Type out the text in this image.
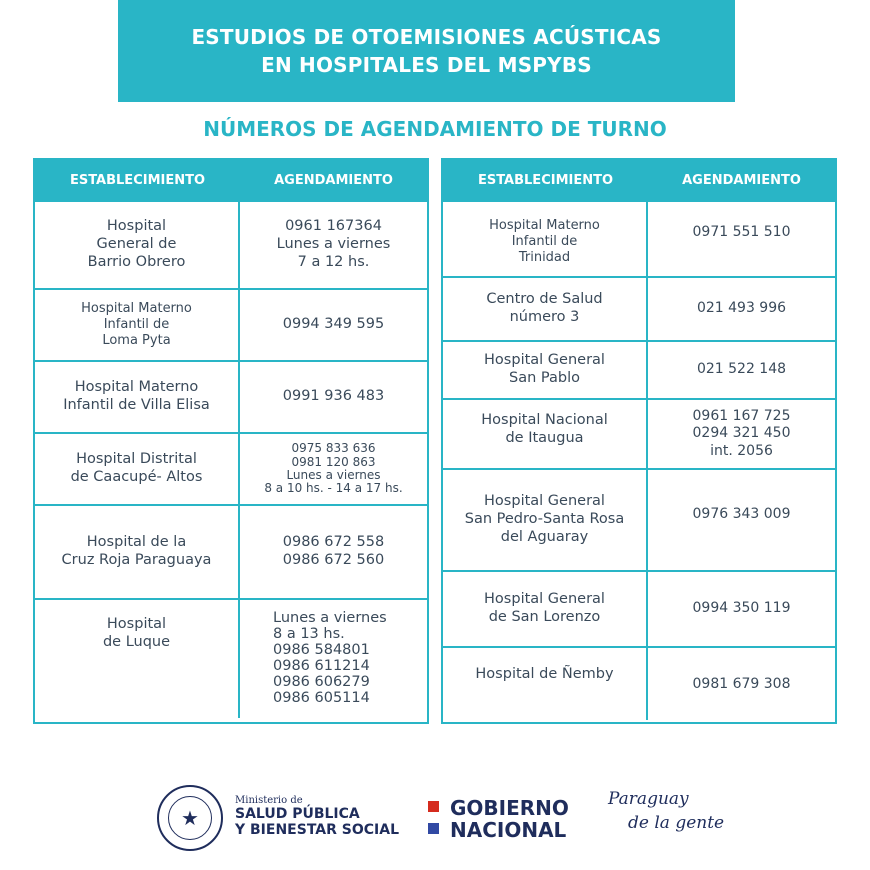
ESTUDIOS DE OTOEMISIONES ACÚSTICAS
EN HOSPITALES DEL MSPYBS
NÚMEROS DE AGENDAMIENTO DE TURNO
ESTABLECIMIENTO	AGENDAMIENTO
Hospital
General de
Barrio Obrero
0961 167364
Lunes a viernes
7 a 12 hs.
Hospital Materno
Infantil de
Loma Pyta
0994 349 595
Hospital Materno
Infantil de Villa Elisa
0991 936 483
Hospital Distrital
de Caacupé- Altos
0975 833 636
0981 120 863
Lunes a viernes
8 a 10 hs. - 14 a 17 hs.
Hospital de la
Cruz Roja Paraguaya
0986 672 558
0986 672 560
Hospital
de Luque
Lunes a viernes
8 a 13 hs.
0986 584801
0986 611214
0986 606279
0986 605114
ESTABLECIMIENTO	AGENDAMIENTO
Hospital Materno
Infantil de
Trinidad
0971 551 510
Centro de Salud
número 3
021 493 996
Hospital General
San Pablo
021 522 148
Hospital Nacional
de Itaugua
0961 167 725
0294 321 450
int. 2056
Hospital General
San Pedro-Santa Rosa
del Aguaray
0976 343 009
Hospital General
de San Lorenzo
0994 350 119
Hospital de Ñemby
0981 679 308
★
Ministerio de
SALUD PÚBLICA
Y BIENESTAR SOCIAL
GOBIERNO
NACIONAL
Paraguay
de la gente
